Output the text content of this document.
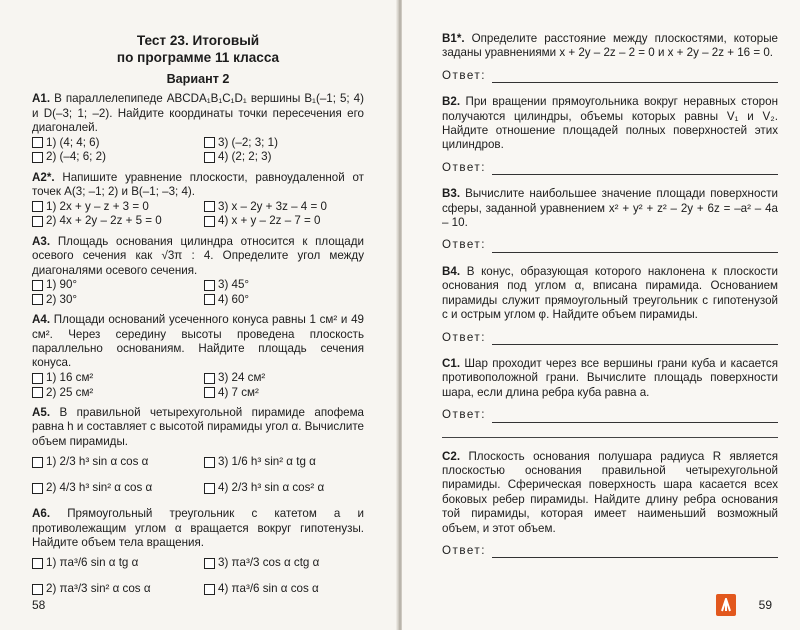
Тест 23. Итоговый
по программе 11 класса
Вариант 2

А1. В параллелепипеде ABCDA₁B₁C₁D₁ вершины B₁(–1; 5; 4) и D(–3; 1; –2). Найдите координаты точки пересечения его диагоналей.

1) (4; 4; 6)	3) (–2; 3; 1)
2) (–4; 6; 2)	4) (2; 2; 3)

А2*. Напишите уравнение плоскости, равноудаленной от точек A(3; –1; 2) и B(–1; –3; 4).

1) 2x + y – z + 3 = 0	3) x – 2y + 3z – 4 = 0
2) 4x + 2y – 2z + 5 = 0	4) x + y – 2z – 7 = 0

А3. Площадь основания цилиндра относится к площади осевого сечения как √3π : 4. Определите угол между диагоналями осевого сечения.

1) 90°	3) 45°
2) 30°	4) 60°

А4. Площади оснований усеченного конуса равны 1 см² и 49 см². Через середину высоты проведена плоскость параллельно основаниям. Найдите площадь сечения конуса.

1) 16 см²	3) 24 см²
2) 25 см²	4) 7 см²

А5. В правильной четырехугольной пирамиде апофема равна h и составляет с высотой пирамиды угол α. Вычислите объем пирамиды.

1) 2/3 h³ sin α cos α	3) 1/6 h³ sin² α tg α
2) 4/3 h³ sin² α cos α	4) 2/3 h³ sin α cos² α

А6. Прямоугольный треугольник с катетом a и противолежащим углом α вращается вокруг гипотенузы. Найдите объем тела вращения.

1) πa³/6 sin α tg α	3) πa³/3 cos α ctg α
2) πa³/3 sin² α cos α	4) πa³/6 sin α cos α
58

В1*. Определите расстояние между плоскостями, которые заданы уравнениями x + 2y – 2z – 2 = 0 и x + 2y – 2z + 16 = 0.

Ответ:

В2. При вращении прямоугольника вокруг неравных сторон получаются цилиндры, объемы которых равны V₁ и V₂. Найдите отношение площадей полных поверхностей этих цилиндров.

Ответ:

В3. Вычислите наибольшее значение площади поверхности сферы, заданной уравнением x² + y² + z² – 2y + 6z = –a² – 4a – 10.

Ответ:

В4. В конус, образующая которого наклонена к плоскости основания под углом α, вписана пирамида. Основанием пирамиды служит прямоугольный треугольник с гипотенузой c и острым углом φ. Найдите объем пирамиды.

Ответ:

С1. Шар проходит через все вершины грани куба и касается противоположной грани. Вычислите площадь поверхности шара, если длина ребра куба равна a.

Ответ:

С2. Плоскость основания полушара радиуса R является плоскостью основания правильной четырехугольной пирамиды. Сферическая поверхность шара касается всех боковых ребер пирамиды. Найдите длину ребра основания той пирамиды, которая имеет наименьший возможный объем, и этот объем.

Ответ:
59
